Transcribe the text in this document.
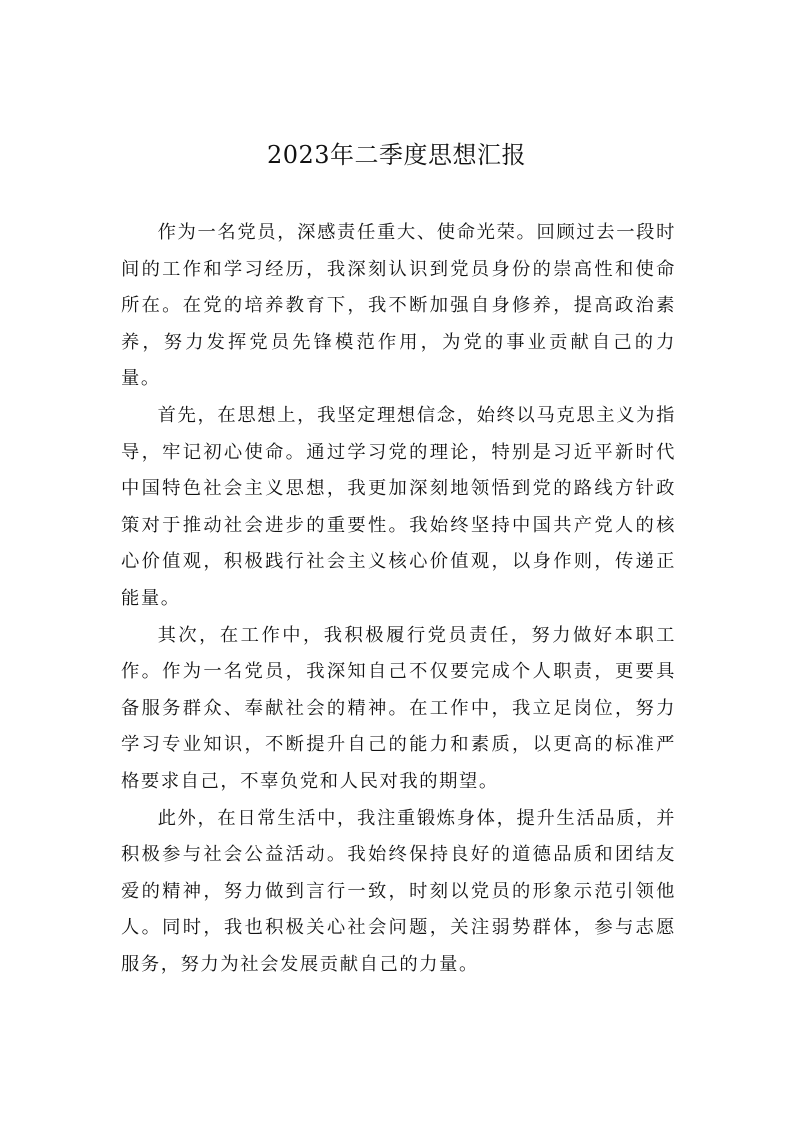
2023年二季度思想汇报

作为一名党员，深感责任重大、使命光荣。回顾过去一段时间的工作和学习经历，我深刻认识到党员身份的崇高性和使命所在。在党的培养教育下，我不断加强自身修养，提高政治素养，努力发挥党员先锋模范作用，为党的事业贡献自己的力量。

首先，在思想上，我坚定理想信念，始终以马克思主义为指导，牢记初心使命。通过学习党的理论，特别是习近平新时代中国特色社会主义思想，我更加深刻地领悟到党的路线方针政策对于推动社会进步的重要性。我始终坚持中国共产党人的核心价值观，积极践行社会主义核心价值观，以身作则，传递正能量。

其次，在工作中，我积极履行党员责任，努力做好本职工作。作为一名党员，我深知自己不仅要完成个人职责，更要具备服务群众、奉献社会的精神。在工作中，我立足岗位，努力学习专业知识，不断提升自己的能力和素质，以更高的标准严格要求自己，不辜负党和人民对我的期望。

此外，在日常生活中，我注重锻炼身体，提升生活品质，并积极参与社会公益活动。我始终保持良好的道德品质和团结友爱的精神，努力做到言行一致，时刻以党员的形象示范引领他人。同时，我也积极关心社会问题，关注弱势群体，参与志愿服务，努力为社会发展贡献自己的力量。
